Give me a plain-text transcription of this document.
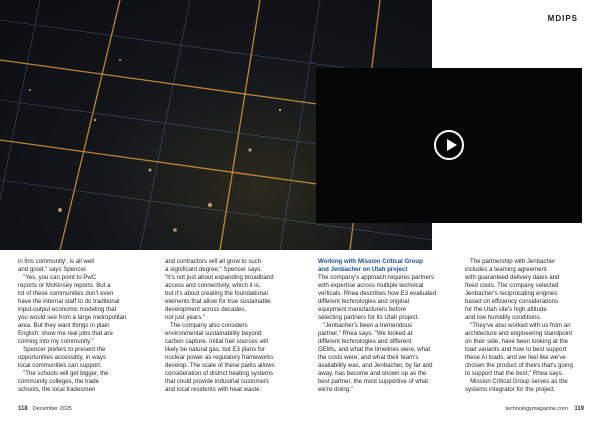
MDIPS

in this community', is all well

and good," says Spencer.

"Yes, you can point to PwC

reports or McKinsey reports. But a

lot of these communities don't even

have the internal staff to do traditional

input-output economic modeling that

you would see from a large metropolitan

area. But they want things in plain

English: show me real jobs that are

coming into my community."

Spencer prefers to present the

opportunities accessibly, in ways

local communities can support.

"The schools will get bigger, the

community colleges, the trade

schools, the local tradesmen

and contractors will all grow to such

a significant degree," Spencer says.

"It's not just about expanding broadband

access and connectivity, which it is,

but it's about creating the foundational

elements that allow for true sustainable

development across decades,

not just years."

The company also considers

environmental sustainability beyond

carbon capture. Initial fuel sources will

likely be natural gas, but E3 plans for

nuclear power as regulatory frameworks

develop. The scale of these parks allows

consideration of district heating systems

that could provide industrial customers

and local residents with heat waste.

Working with Mission Critical Group

and Jenbacher on Utah project

The company's approach requires partners

with expertise across multiple technical

verticals. Rhea describes how E3 evaluated

different technologies and original

equipment manufacturers before

selecting partners for its Utah project.

"Jenbacher's been a tremendous

partner," Rhea says. "We looked at

different technologies and different

OEMs, and what the timelines were, what

the costs were, and what their team's

availability was, and Jenbacher, by far and

away, has become and shown up as the

best partner, the most supportive of what

we're doing."

The partnership with Jenbacher

includes a teaming agreement

with guaranteed delivery dates and

fixed costs. The company selected

Jenbacher's reciprocating engines

based on efficiency considerations

for the Utah site's high altitude

and low humidity conditions.

"They've also worked with us from an

architecture and engineering standpoint

on their side, have been looking at the

load variants and how to best support

these AI loads, and we feel like we've

chosen the product of theirs that's going

to support that the best," Rhea says.

Mission Critical Group serves as the

systems integrator for the project.

118 December 2025	technologymagazine.com 119
